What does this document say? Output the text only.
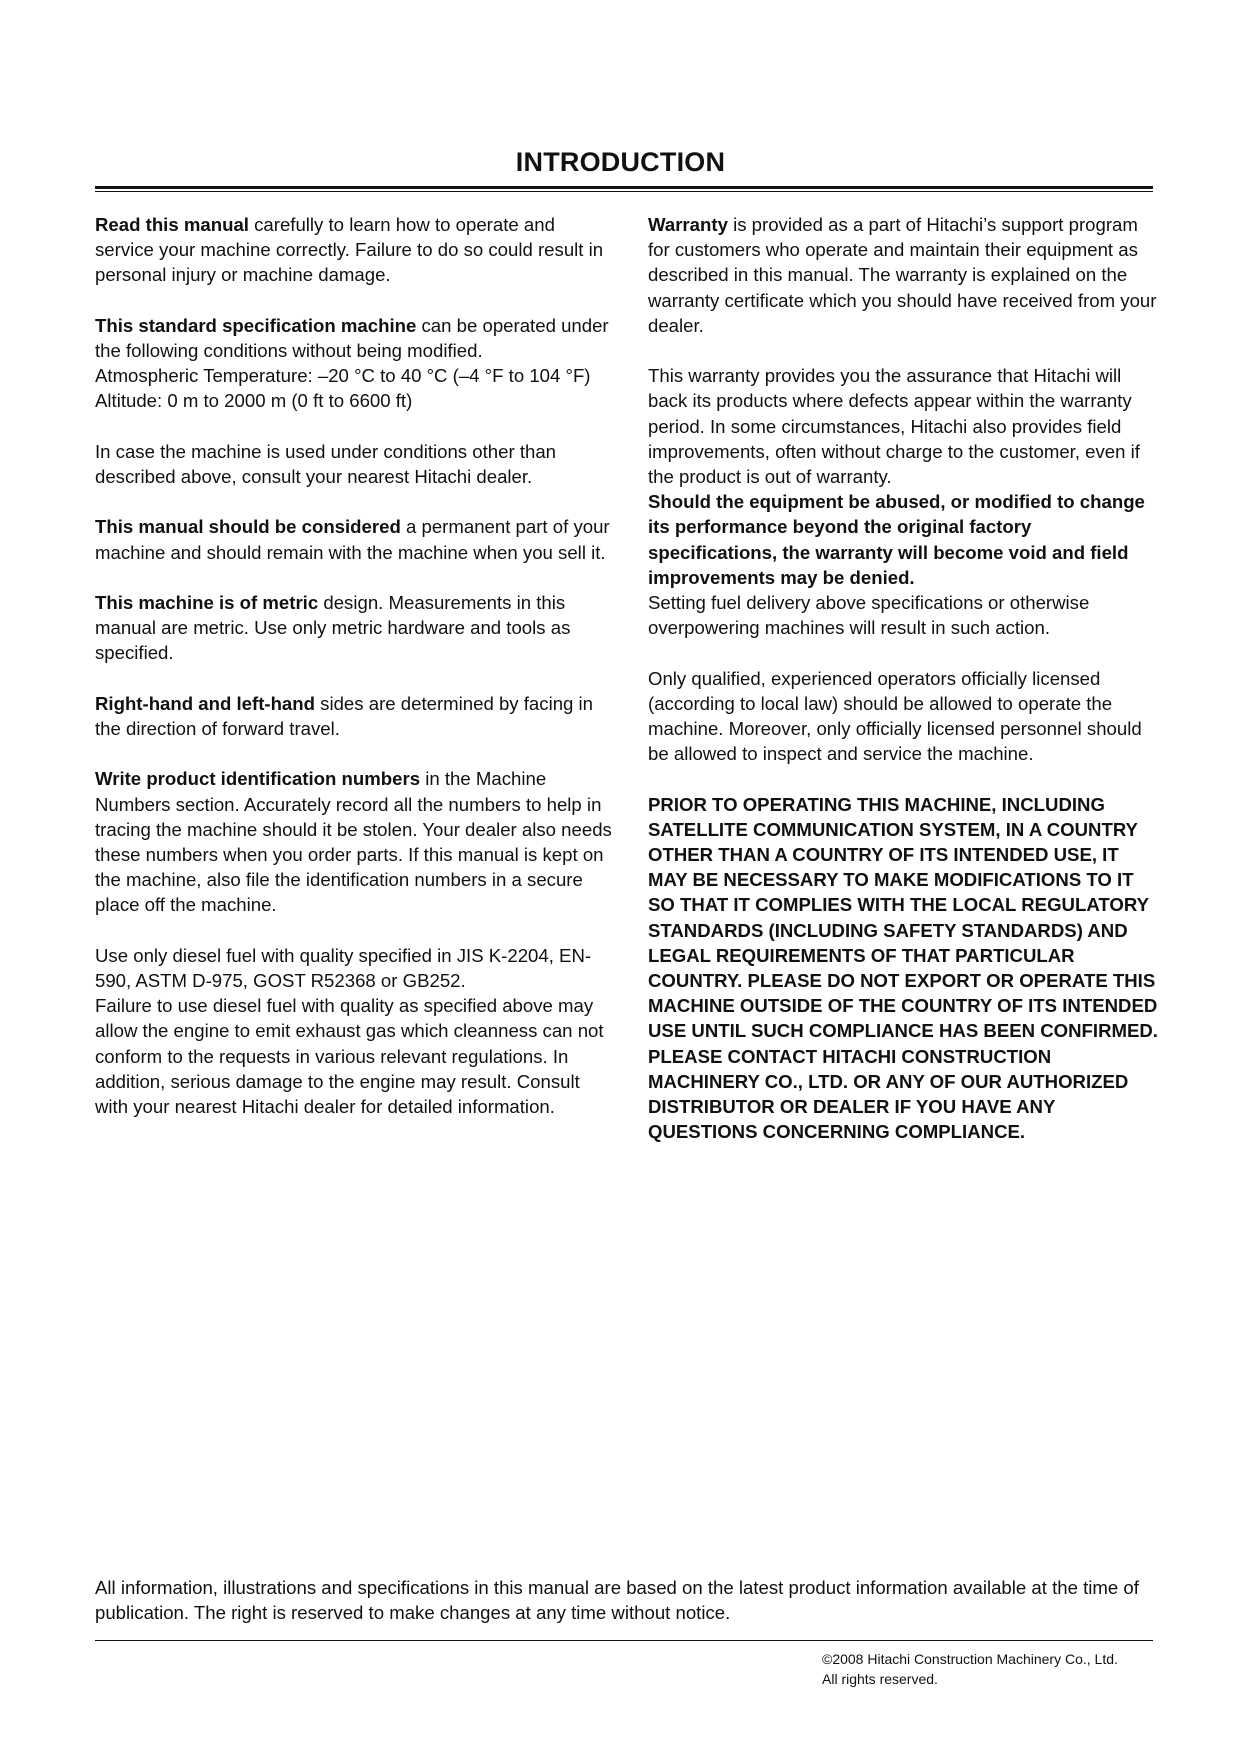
INTRODUCTION

Read this manual carefully to learn how to operate and service your machine correctly. Failure to do so could result in personal injury or machine damage.

This standard specification machine can be operated under the following conditions without being modified.
Atmospheric Temperature: –20 °C to 40 °C (–4 °F to 104 °F)
Altitude: 0 m to 2000 m (0 ft to 6600 ft)

In case the machine is used under conditions other than described above, consult your nearest Hitachi dealer.

This manual should be considered a permanent part of your machine and should remain with the machine when you sell it.

This machine is of metric design. Measurements in this manual are metric. Use only metric hardware and tools as specified.

Right-hand and left-hand sides are determined by facing in the direction of forward travel.

Write product identification numbers in the Machine Numbers section. Accurately record all the numbers to help in tracing the machine should it be stolen. Your dealer also needs these numbers when you order parts. If this manual is kept on the machine, also file the identification numbers in a secure place off the machine.

Use only diesel fuel with quality specified in JIS K-2204, EN-590, ASTM D-975, GOST R52368 or GB252.
Failure to use diesel fuel with quality as specified above may allow the engine to emit exhaust gas which cleanness can not conform to the requests in various relevant regulations. In addition, serious damage to the engine may result. Consult with your nearest Hitachi dealer for detailed information.

Warranty is provided as a part of Hitachi’s support program for customers who operate and maintain their equipment as described in this manual. The warranty is explained on the warranty certificate which you should have received from your dealer.

This warranty provides you the assurance that Hitachi will back its products where defects appear within the warranty period. In some circumstances, Hitachi also provides field improvements, often without charge to the customer, even if the product is out of warranty.
Should the equipment be abused, or modified to change its performance beyond the original factory specifications, the warranty will become void and field improvements may be denied.
Setting fuel delivery above specifications or otherwise overpowering machines will result in such action.

Only qualified, experienced operators officially licensed (according to local law) should be allowed to operate the machine. Moreover, only officially licensed personnel should be allowed to inspect and service the machine.

PRIOR TO OPERATING THIS MACHINE, INCLUDING SATELLITE COMMUNICATION SYSTEM, IN A COUNTRY OTHER THAN A COUNTRY OF ITS INTENDED USE, IT MAY BE NECESSARY TO MAKE MODIFICATIONS TO IT SO THAT IT COMPLIES WITH THE LOCAL REGULATORY STANDARDS (INCLUDING SAFETY STANDARDS) AND LEGAL REQUIREMENTS OF THAT PARTICULAR COUNTRY. PLEASE DO NOT EXPORT OR OPERATE THIS MACHINE OUTSIDE OF THE COUNTRY OF ITS INTENDED USE UNTIL SUCH COMPLIANCE HAS BEEN CONFIRMED. PLEASE CONTACT HITACHI CONSTRUCTION MACHINERY CO., LTD. OR ANY OF OUR AUTHORIZED DISTRIBUTOR OR DEALER IF YOU HAVE ANY QUESTIONS CONCERNING COMPLIANCE.

All information, illustrations and specifications in this manual are based on the latest product information available at the time of publication. The right is reserved to make changes at any time without notice.
©2008 Hitachi Construction Machinery Co., Ltd.
All rights reserved.
